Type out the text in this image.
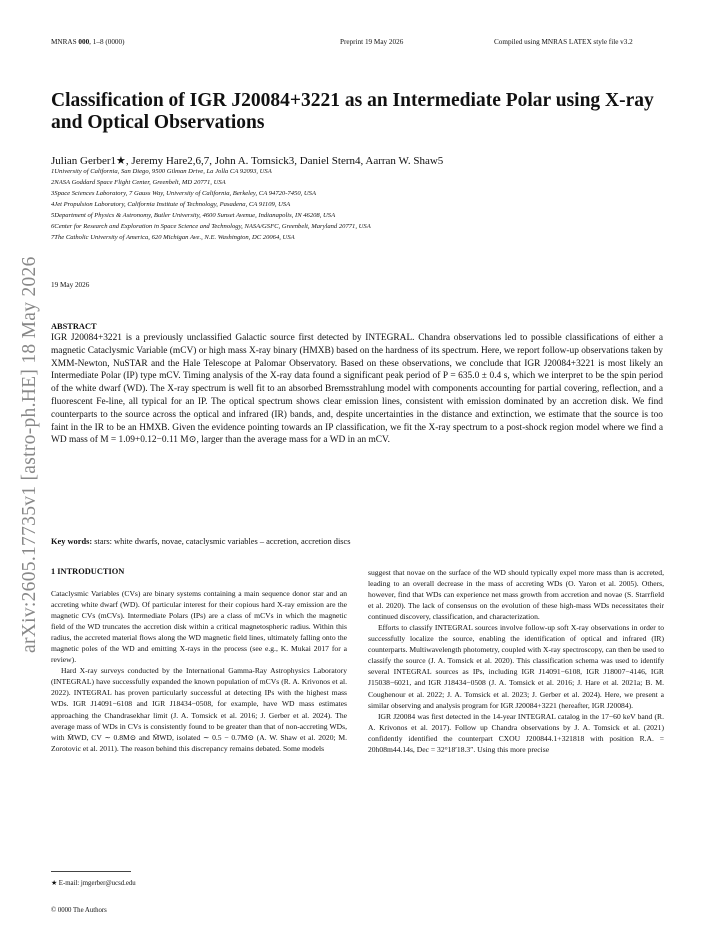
MNRAS 000, 1–8 (0000)	Preprint 19 May 2026	Compiled using MNRAS LATEX style file v3.2
arXiv:2605.17735v1 [astro-ph.HE] 18 May 2026
Classification of IGR J20084+3221 as an Intermediate Polar using X-ray and Optical Observations
Julian Gerber1★, Jeremy Hare2,6,7, John A. Tomsick3, Daniel Stern4, Aarran W. Shaw5
1University of California, San Diego, 9500 Gilman Drive, La Jolla CA 92093, USA
2NASA Goddard Space Flight Center, Greenbelt, MD 20771, USA
3Space Sciences Laboratory, 7 Gauss Way, University of California, Berkeley, CA 94720-7450, USA
4Jet Propulsion Laboratory, California Institute of Technology, Pasadena, CA 91109, USA
5Department of Physics & Astronomy, Butler University, 4600 Sunset Avenue, Indianapolis, IN 46208, USA
6Center for Research and Exploration in Space Science and Technology, NASA/GSFC, Greenbelt, Maryland 20771, USA
7The Catholic University of America, 620 Michigan Ave., N.E. Washington, DC 20064, USA
19 May 2026
ABSTRACT
IGR J20084+3221 is a previously unclassified Galactic source first detected by INTEGRAL. Chandra observations led to possible classifications of either a magnetic Cataclysmic Variable (mCV) or high mass X-ray binary (HMXB) based on the hardness of its spectrum. Here, we report follow-up observations taken by XMM-Newton, NuSTAR and the Hale Telescope at Palomar Observatory. Based on these observations, we conclude that IGR J20084+3221 is most likely an Intermediate Polar (IP) type mCV. Timing analysis of the X-ray data found a significant peak period of P = 635.0 ± 0.4 s, which we interpret to be the spin period of the white dwarf (WD). The X-ray spectrum is well fit to an absorbed Bremsstrahlung model with components accounting for partial covering, reflection, and a fluorescent Fe-line, all typical for an IP. The optical spectrum shows clear emission lines, consistent with emission dominated by an accretion disk. We find counterparts to the source across the optical and infrared (IR) bands, and, despite uncertainties in the distance and extinction, we estimate that the source is too faint in the IR to be an HMXB. Given the evidence pointing towards an IP classification, we fit the X-ray spectrum to a post-shock region model where we find a WD mass of M = 1.09+0.12−0.11 M⊙, larger than the average mass for a WD in an mCV.
Key words: stars: white dwarfs, novae, cataclysmic variables – accretion, accretion discs
1 INTRODUCTION

Cataclysmic Variables (CVs) are binary systems containing a main sequence donor star and an accreting white dwarf (WD). Of particular interest for their copious hard X-ray emission are the magnetic CVs (mCVs). Intermediate Polars (IPs) are a class of mCVs in which the magnetic field of the WD truncates the accretion disk within a critical magnetospheric radius. Within this radius, the accreted material flows along the WD magnetic field lines, ultimately falling onto the magnetic poles of the WD and emitting X-rays in the process (see e.g., K. Mukai 2017 for a review).

Hard X-ray surveys conducted by the International Gamma-Ray Astrophysics Laboratory (INTEGRAL) have successfully expanded the known population of mCVs (R. A. Krivonos et al. 2022). INTEGRAL has proven particularly successful at detecting IPs with the highest mass WDs. IGR J14091−6108 and IGR J18434−0508, for example, have WD mass estimates approaching the Chandrasekhar limit (J. A. Tomsick et al. 2016; J. Gerber et al. 2024). The average mass of WDs in CVs is consistently found to be greater than that of non-accreting WDs, with M̄WD, CV ∼ 0.8M⊙ and M̄WD, isolated ∼ 0.5 − 0.7M⊙ (A. W. Shaw et al. 2020; M. Zorotovic et al. 2011). The reason behind this discrepancy remains debated. Some models

suggest that novae on the surface of the WD should typically expel more mass than is accreted, leading to an overall decrease in the mass of accreting WDs (O. Yaron et al. 2005). Others, however, find that WDs can experience net mass growth from accretion and novae (S. Starrfield et al. 2020). The lack of consensus on the evolution of these high-mass WDs necessitates their continued discovery, classification, and characterization.

Efforts to classify INTEGRAL sources involve follow-up soft X-ray observations in order to successfully localize the source, enabling the identification of optical and infrared (IR) counterparts. Multiwavelength photometry, coupled with X-ray spectroscopy, can then be used to classify the source (J. A. Tomsick et al. 2020). This classification schema was used to identify several INTEGRAL sources as IPs, including IGR J14091−6108, IGR J18007−4146, IGR J15038−6021, and IGR J18434−0508 (J. A. Tomsick et al. 2016; J. Hare et al. 2021a; B. M. Coughenour et al. 2022; J. A. Tomsick et al. 2023; J. Gerber et al. 2024). Here, we present a similar observing and analysis program for IGR J20084+3221 (hereafter, IGR J20084).

IGR J20084 was first detected in the 14-year INTEGRAL catalog in the 17−60 keV band (R. A. Krivonos et al. 2017). Follow up Chandra observations by J. A. Tomsick et al. (2021) confidently identified the counterpart CXOU J200844.1+321818 with position R.A. = 20h08m44.14s, Dec = 32°18′18.3″. Using this more precise

★ E-mail: jmgerber@ucsd.edu
© 0000 The Authors
